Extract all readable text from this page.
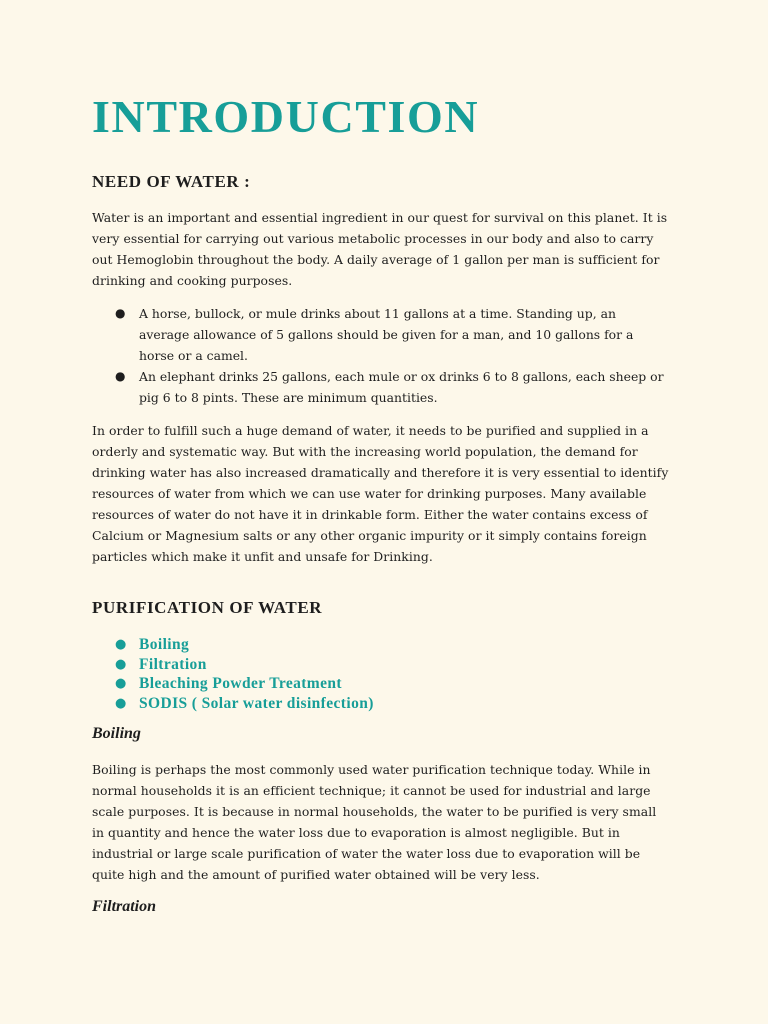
INTRODUCTION
NEED OF WATER :

Water is an important and essential ingredient in our quest for survival on this planet. It is very essential for carrying out various metabolic processes in our body and also to carry out Hemoglobin throughout the body. A daily average of 1 gallon per man is sufficient for drinking and cooking purposes.

● A horse, bullock, or mule drinks about 11 gallons at a time. Standing up, an average allowance of 5 gallons should be given for a man, and 10 gallons for a horse or a camel.
● An elephant drinks 25 gallons, each mule or ox drinks 6 to 8 gallons, each sheep or pig 6 to 8 pints. These are minimum quantities.

In order to fulfill such a huge demand of water, it needs to be purified and supplied in a orderly and systematic way. But with the increasing world population, the demand for drinking water has also increased dramatically and therefore it is very essential to identify resources of water from which we can use water for drinking purposes. Many available resources of water do not have it in drinkable form. Either the water contains excess of Calcium or Magnesium salts or any other organic impurity or it simply contains foreign particles which make it unfit and unsafe for Drinking.

PURIFICATION OF WATER
● Boiling
● Filtration
● Bleaching Powder Treatment
● SODIS ( Solar water disinfection)
Boiling

Boiling is perhaps the most commonly used water purification technique today. While in normal households it is an efficient technique; it cannot be used for industrial and large scale purposes. It is because in normal households, the water to be purified is very small in quantity and hence the water loss due to evaporation is almost negligible. But in industrial or large scale purification of water the water loss due to evaporation will be quite high and the amount of purified water obtained will be very less.

Filtration
